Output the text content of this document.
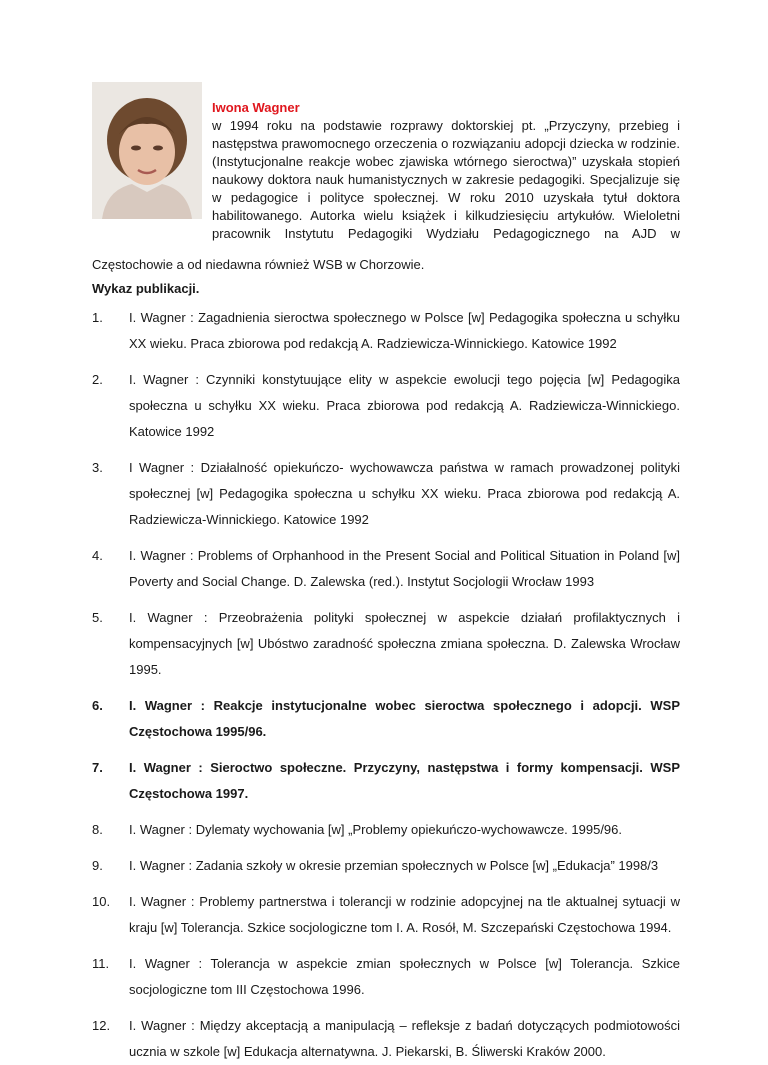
Iwona Wagner
w 1994 roku na podstawie rozprawy doktorskiej pt. „Przyczyny, przebieg i
następstwa prawomocnego orzeczenia o rozwiązaniu adopcji dziecka w rodzinie.
(Instytucjonalne reakcje wobec zjawiska wtórnego sieroctwa)” uzyskała stopień
naukowy doktora nauk humanistycznych w zakresie pedagogiki. Specjalizuje się
w pedagogice i polityce społecznej. W roku 2010 uzyskała tytuł doktora
habilitowanego. Autorka wielu książek i kilkudziesięciu artykułów. Wieloletni
pracownik Instytutu Pedagogiki Wydziału Pedagogicznego na AJD w
Częstochowie a od niedawna również WSB w Chorzowie.
Wykaz publikacji.
1. I. Wagner : Zagadnienia sieroctwa społecznego w Polsce [w] Pedagogika społeczna u schyłku XX wieku. Praca zbiorowa pod redakcją A. Radziewicza-Winnickiego. Katowice 1992
2. I. Wagner : Czynniki konstytuujące elity w aspekcie ewolucji tego pojęcia [w] Pedagogika społeczna u schyłku XX wieku. Praca zbiorowa pod redakcją A. Radziewicza-Winnickiego. Katowice 1992
3. I Wagner : Działalność opiekuńczo- wychowawcza państwa w ramach prowadzonej polityki społecznej [w] Pedagogika społeczna u schyłku XX wieku. Praca zbiorowa pod redakcją A. Radziewicza-Winnickiego. Katowice 1992
4. I. Wagner : Problems of Orphanhood in the Present Social and Political Situation in Poland [w] Poverty and Social Change. D. Zalewska (red.). Instytut Socjologii Wrocław 1993
5. I. Wagner : Przeobrażenia polityki społecznej w aspekcie działań profilaktycznych i kompensacyjnych [w] Ubóstwo zaradność społeczna zmiana społeczna. D. Zalewska Wrocław 1995.
6. I. Wagner : Reakcje instytucjonalne wobec sieroctwa społecznego i adopcji. WSP Częstochowa 1995/96.
7. I. Wagner : Sieroctwo społeczne. Przyczyny, następstwa i formy kompensacji. WSP Częstochowa 1997.
8. I. Wagner : Dylematy wychowania [w] „Problemy opiekuńczo-wychowawcze. 1995/96.
9. I. Wagner : Zadania szkoły w okresie przemian społecznych w Polsce [w] „Edukacja” 1998/3
10. I. Wagner : Problemy partnerstwa i tolerancji w rodzinie adopcyjnej na tle aktualnej sytuacji w kraju [w] Tolerancja. Szkice socjologiczne tom I. A. Rosół, M. Szczepański Częstochowa 1994.
11. I. Wagner : Tolerancja w aspekcie zmian społecznych w Polsce [w] Tolerancja. Szkice socjologiczne tom III Częstochowa 1996.
12. I. Wagner : Między akceptacją a manipulacją – refleksje z badań dotyczących podmiotowości ucznia w szkole [w] Edukacja alternatywna. J. Piekarski, B. Śliwerski Kraków 2000.
